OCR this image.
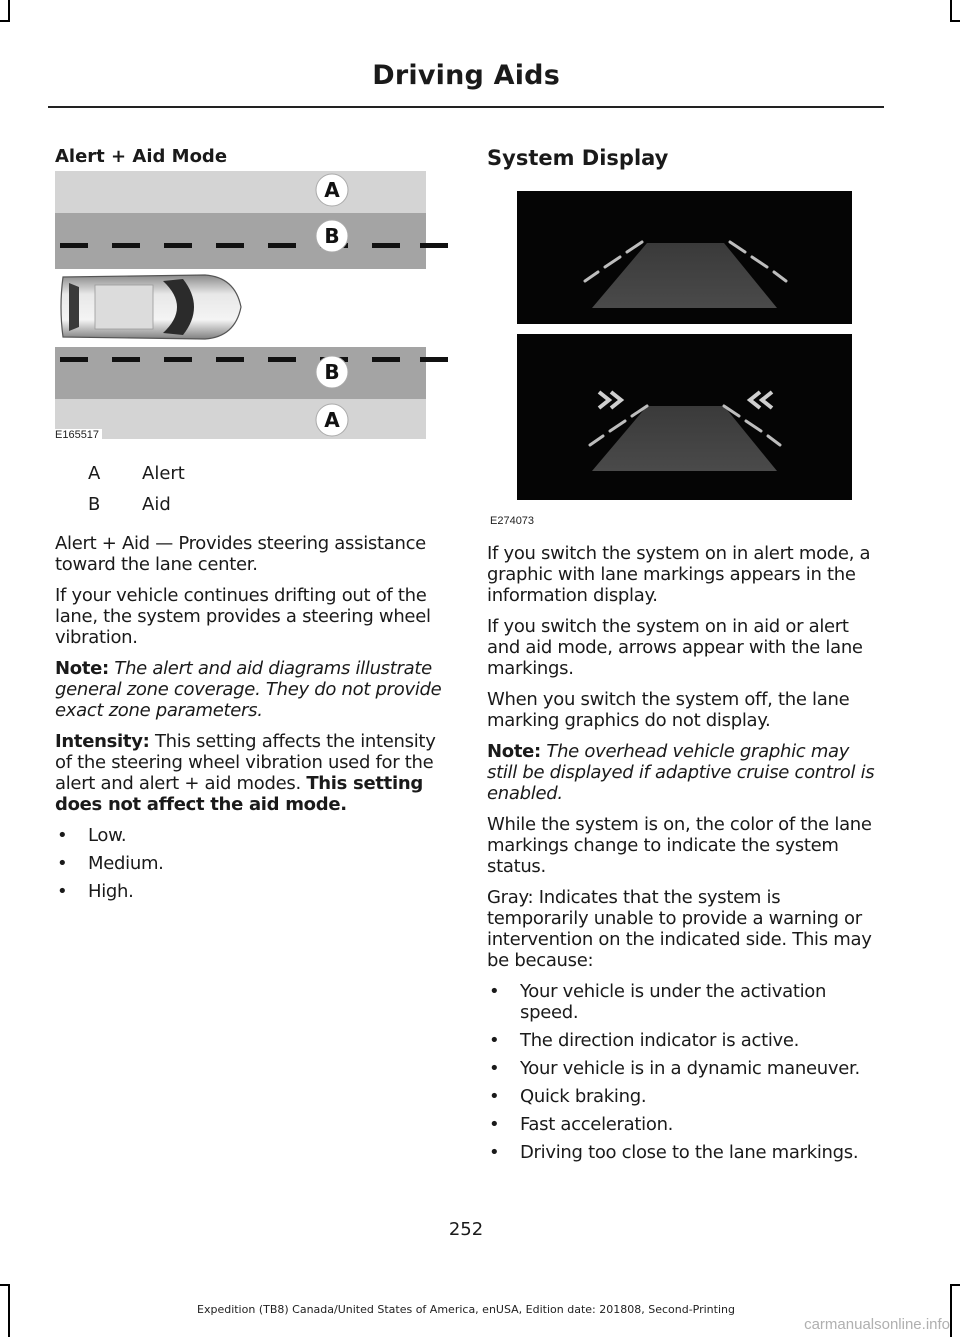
Driving Aids
Alert + Aid Mode
A	Alert
B	Aid

Alert + Aid — Provides steering assistance toward the lane center.

If your vehicle continues drifting out of the lane, the system provides a steering wheel vibration.

Note: The alert and aid diagrams illustrate general zone coverage. They do not provide exact zone parameters.

Intensity: This setting affects the intensity of the steering wheel vibration used for the alert and alert + aid modes. This setting does not affect the aid mode.

• Low.
• Medium.
• High.
A
B
B
A
E165517
System Display

If you switch the system on in alert mode, a graphic with lane markings appears in the information display.

If you switch the system on in aid or alert and aid mode, arrows appear with the lane markings.

When you switch the system off, the lane marking graphics do not display.

Note: The overhead vehicle graphic may still be displayed if adaptive cruise control is enabled.

While the system is on, the color of the lane markings change to indicate the system status.

Gray: Indicates that the system is temporarily unable to provide a warning or intervention on the indicated side. This may be because:

• Your vehicle is under the activation speed.
• The direction indicator is active.
• Your vehicle is in a dynamic maneuver.
• Quick braking.
• Fast acceleration.
• Driving too close to the lane markings.
E274073
252
Expedition (TB8) Canada/United States of America, enUSA, Edition date: 201808, Second-Printing
carmanualsonline.info
